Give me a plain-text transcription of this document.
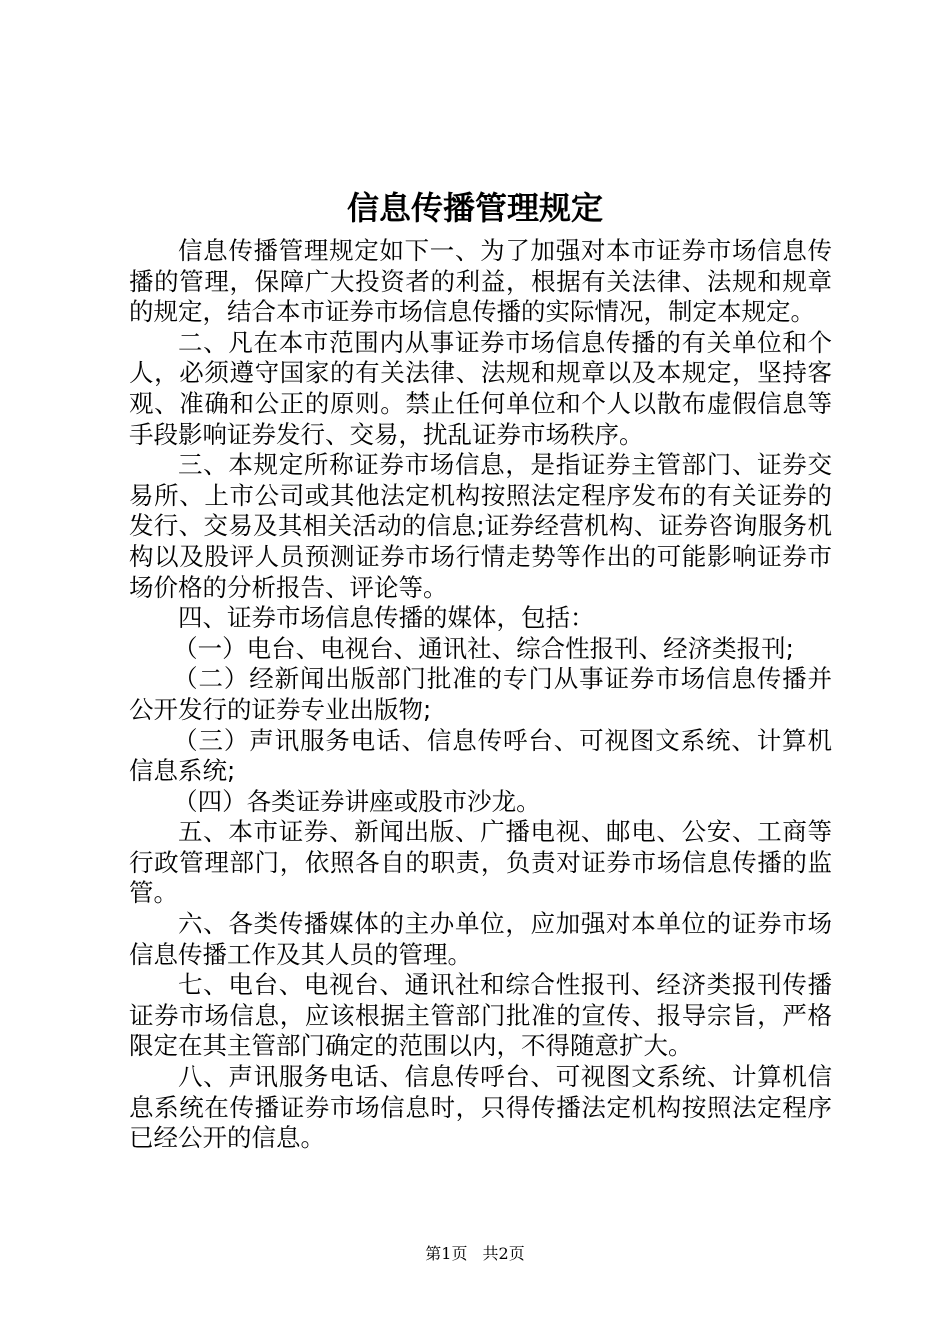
信息传播管理规定

信息传播管理规定如下一、为了加强对本市证券市场信息传播的管理，保障广大投资者的利益，根据有关法律、法规和规章的规定，结合本市证券市场信息传播的实际情况，制定本规定。

二、凡在本市范围内从事证券市场信息传播的有关单位和个人，必须遵守国家的有关法律、法规和规章以及本规定，坚持客观、准确和公正的原则。禁止任何单位和个人以散布虚假信息等手段影响证券发行、交易，扰乱证券市场秩序。

三、本规定所称证券市场信息，是指证券主管部门、证券交易所、上市公司或其他法定机构按照法定程序发布的有关证券的发行、交易及其相关活动的信息;证券经营机构、证券咨询服务机构以及股评人员预测证券市场行情走势等作出的可能影响证券市场价格的分析报告、评论等。

四、证券市场信息传播的媒体，包括：

（一）电台、电视台、通讯社、综合性报刊、经济类报刊;

（二）经新闻出版部门批准的专门从事证券市场信息传播并公开发行的证券专业出版物;

（三）声讯服务电话、信息传呼台、可视图文系统、计算机信息系统;

（四）各类证券讲座或股市沙龙。

五、本市证券、新闻出版、广播电视、邮电、公安、工商等行政管理部门，依照各自的职责，负责对证券市场信息传播的监管。

六、各类传播媒体的主办单位，应加强对本单位的证券市场信息传播工作及其人员的管理。

七、电台、电视台、通讯社和综合性报刊、经济类报刊传播证券市场信息，应该根据主管部门批准的宣传、报导宗旨，严格限定在其主管部门确定的范围以内，不得随意扩大。

八、声讯服务电话、信息传呼台、可视图文系统、计算机信息系统在传播证券市场信息时，只得传播法定机构按照法定程序已经公开的信息。

第1页 共2页
